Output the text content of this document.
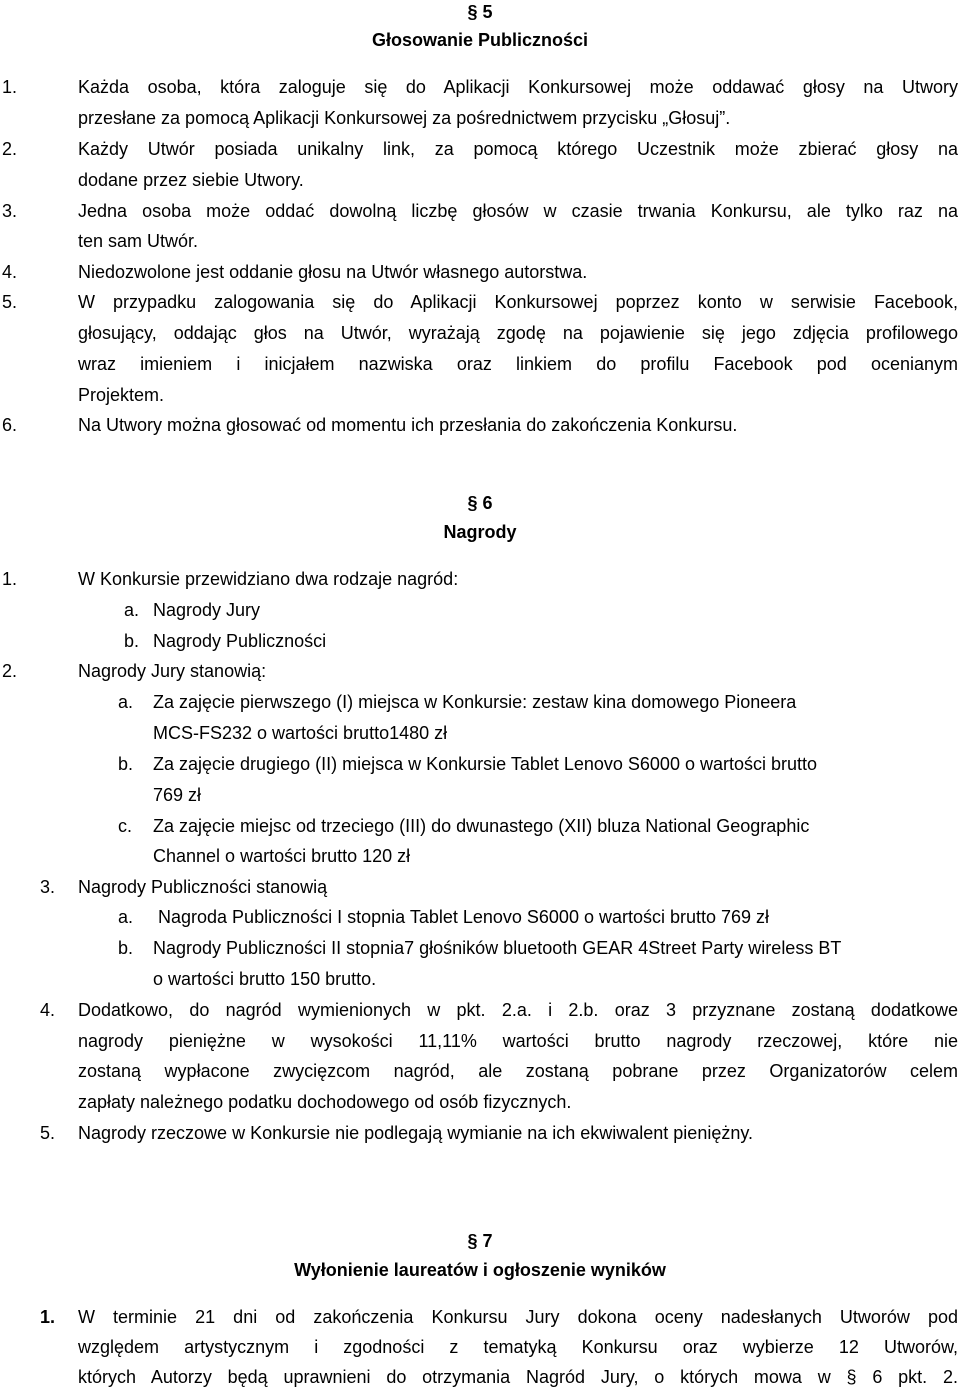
§ 5
Głosowanie Publiczności
1.	Każda osoba, która zaloguje się do Aplikacji Konkursowej może oddawać głosy na Utwory
przesłane za pomocą Aplikacji Konkursowej za pośrednictwem przycisku „Głosuj”.
2.	Każdy Utwór posiada unikalny link, za pomocą którego Uczestnik może zbierać głosy na
dodane przez siebie Utwory.
3.	Jedna osoba może oddać dowolną liczbę głosów w czasie trwania Konkursu, ale tylko raz na
ten sam Utwór.
4.	Niedozwolone jest oddanie głosu na Utwór własnego autorstwa.
5.	W przypadku zalogowania się do Aplikacji Konkursowej poprzez konto w serwisie Facebook,
głosujący, oddając głos na Utwór, wyrażają zgodę na pojawienie się jego zdjęcia profilowego
wraz imieniem i inicjałem nazwiska oraz linkiem do profilu Facebook pod ocenianym
Projektem.
6.	Na Utwory można głosować od momentu ich przesłania do zakończenia Konkursu.
§ 6
Nagrody
1.	W Konkursie przewidziano dwa rodzaje nagród:
a. Nagrody Jury
b. Nagrody Publiczności
2.	Nagrody Jury stanowią:
a. Za zajęcie pierwszego (I) miejsca w Konkursie: zestaw kina domowego Pioneera
MCS-FS232 o wartości brutto1480 zł
b. Za zajęcie drugiego (II) miejsca w Konkursie Tablet Lenovo S6000 o wartości brutto
769 zł
c. Za zajęcie miejsc od trzeciego (III) do dwunastego (XII) bluza National Geographic
Channel o wartości brutto 120 zł
3. Nagrody Publiczności stanowią
a. Nagroda Publiczności I stopnia Tablet Lenovo S6000 o wartości brutto 769 zł
b. Nagrody Publiczności II stopnia7 głośników bluetooth GEAR 4Street Party wireless BT
o wartości brutto 150 brutto.
4. Dodatkowo, do nagród wymienionych w pkt. 2.a. i 2.b. oraz 3 przyznane zostaną dodatkowe
nagrody pieniężne w wysokości 11,11% wartości brutto nagrody rzeczowej, które nie
zostaną wypłacone zwycięzcom nagród, ale zostaną pobrane przez Organizatorów celem
zapłaty należnego podatku dochodowego od osób fizycznych.
5. Nagrody rzeczowe w Konkursie nie podlegają wymianie na ich ekwiwalent pieniężny.
§ 7
Wyłonienie laureatów i ogłoszenie wyników
1. W terminie 21 dni od zakończenia Konkursu Jury dokona oceny nadesłanych Utworów pod
względem artystycznym i zgodności z tematyką Konkursu oraz wybierze 12 Utworów,
których Autorzy będą uprawnieni do otrzymania Nagród Jury, o których mowa w § 6 pkt. 2.
